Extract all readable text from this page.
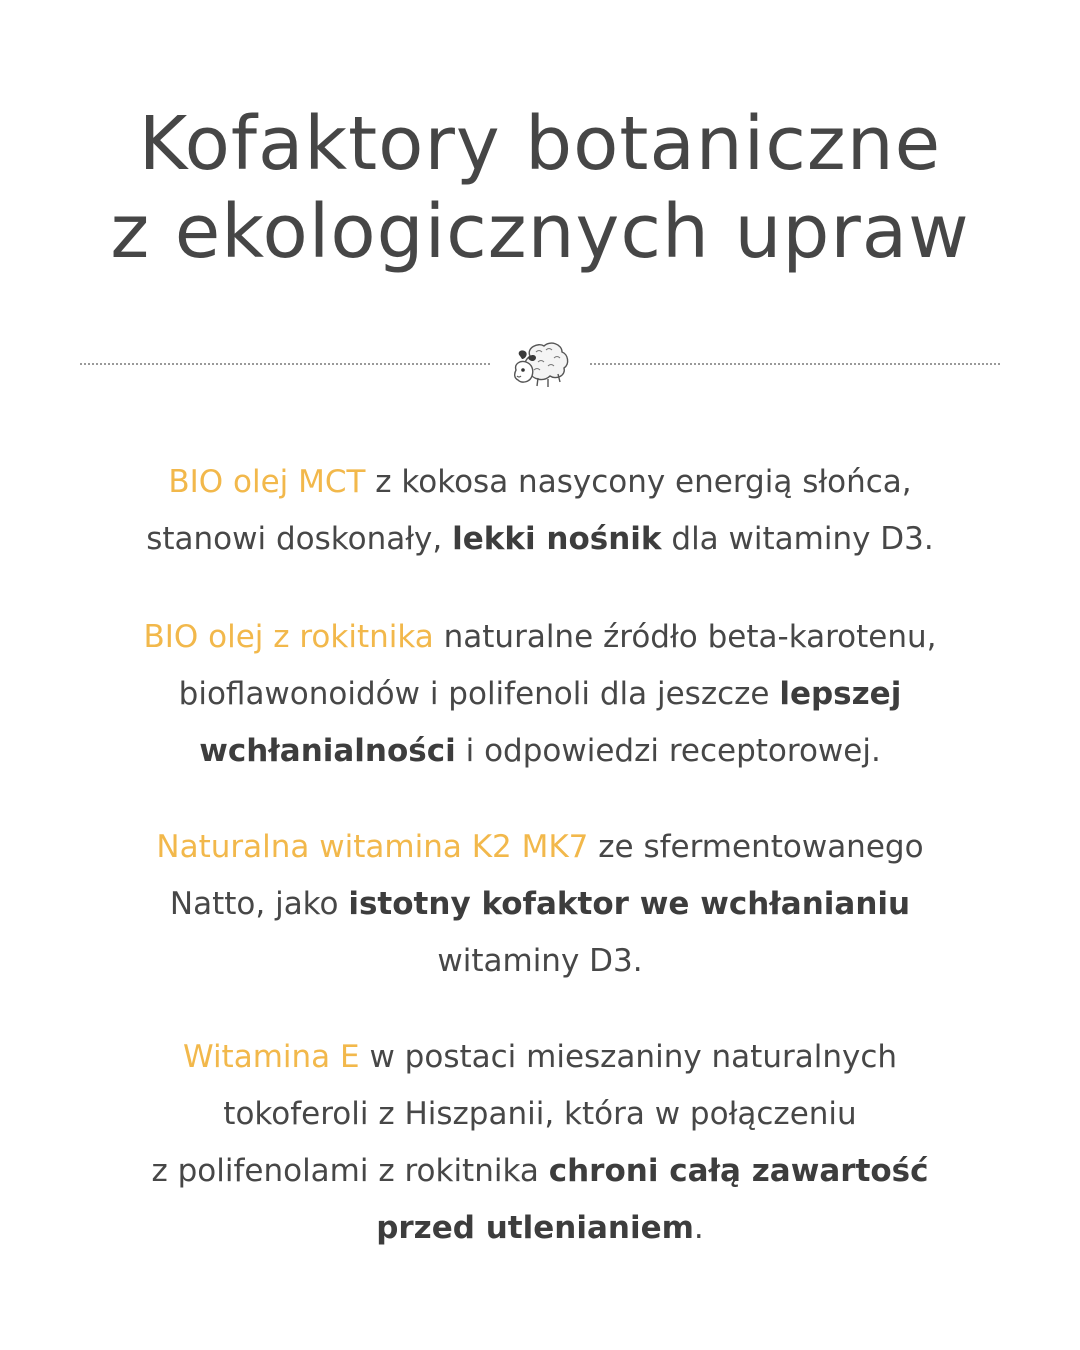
Kofaktory botaniczne
z ekologicznych upraw

BIO olej MCT z kokosa nasycony energią słońca,
stanowi doskonały, lekki nośnik dla witaminy D3.

BIO olej z rokitnika naturalne źródło beta-karotenu,
bioflawonoidów i polifenoli dla jeszcze lepszej
wchłanialności i odpowiedzi receptorowej.

Naturalna witamina K2 MK7 ze sfermentowanego
Natto, jako istotny kofaktor we wchłanianiu
witaminy D3.

Witamina E w postaci mieszaniny naturalnych
tokoferoli z Hiszpanii, która w połączeniu
z polifenolami z rokitnika chroni całą zawartość
przed utlenianiem.
